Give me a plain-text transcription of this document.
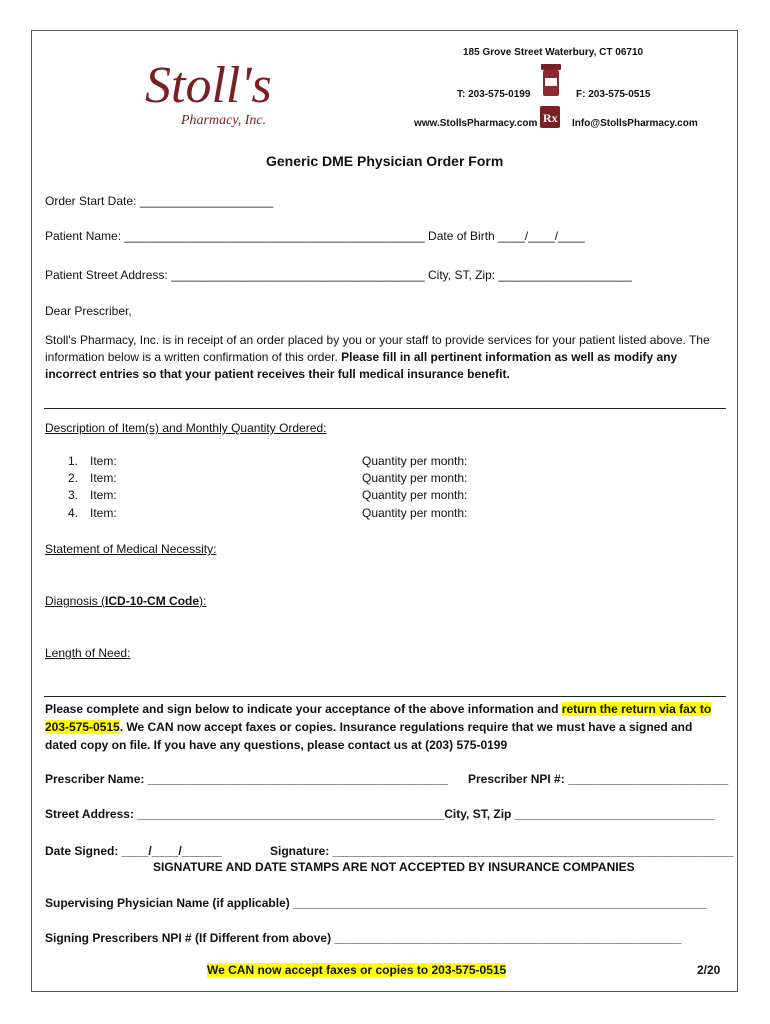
Stoll's
Pharmacy, Inc.
185 Grove Street Waterbury, CT 06710
T: 203-575-0199	F: 203-575-0515
www.StollsPharmacy.com	Info@StollsPharmacy.com
Rx
Generic DME Physician Order Form
Order Start Date: ____________________
Patient Name: _____________________________________________ Date of Birth ____/____/____
Patient Street Address: ______________________________________ City, ST, Zip: ____________________
Dear Prescriber,
Stoll's Pharmacy, Inc. is in receipt of an order placed by you or your staff to provide services for your patient listed above. The information below is a written confirmation of this order. Please fill in all pertinent information as well as modify any incorrect entries so that your patient receives their full medical insurance benefit.
Description of Item(s) and Monthly Quantity Ordered:
1. Item:	Quantity per month:
2. Item:	Quantity per month:
3. Item:	Quantity per month:
4. Item:	Quantity per month:
Statement of Medical Necessity:
Diagnosis (ICD-10-CM Code):
Length of Need:
Please complete and sign below to indicate your acceptance of the above information and return the return via fax to 203-575-0515. We CAN now accept faxes or copies. Insurance regulations require that we must have a signed and dated copy on file. If you have any questions, please contact us at (203) 575-0199
Prescriber Name: _____________________________________________ Prescriber NPI #: ________________________
Street Address: ______________________________________________City, ST, Zip ______________________________
Date Signed: ____/____/______	Signature: ____________________________________________________________
SIGNATURE AND DATE STAMPS ARE NOT ACCEPTED BY INSURANCE COMPANIES
Supervising Physician Name (if applicable) ______________________________________________________________
Signing Prescribers NPI # (If Different from above) ____________________________________________________
We CAN now accept faxes or copies to 203-575-0515	2/20
